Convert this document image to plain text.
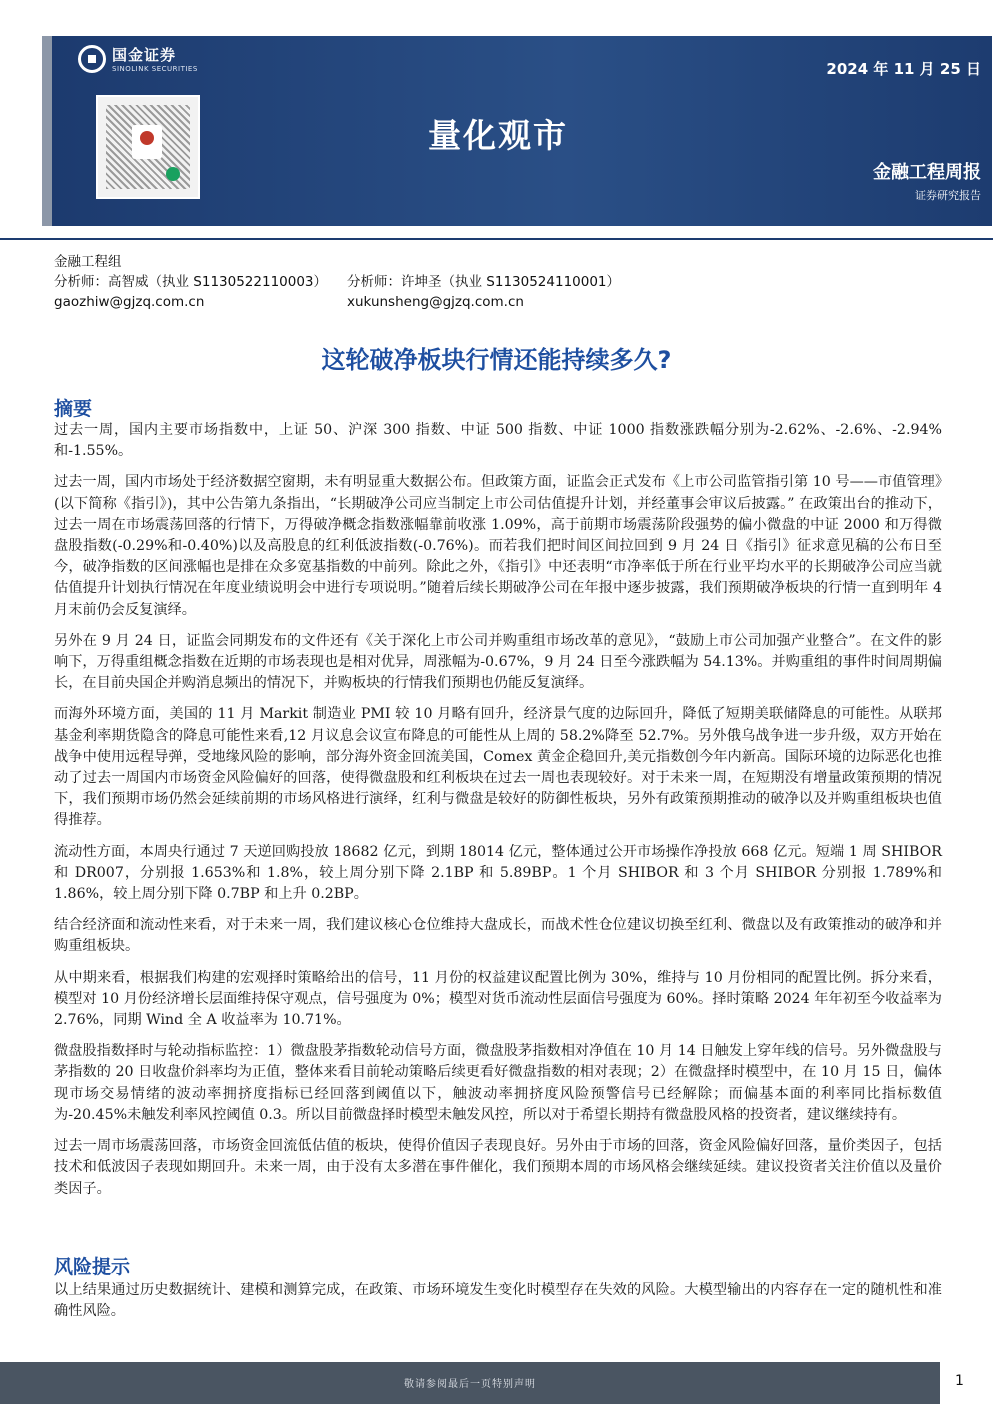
国金证券
SINOLINK SECURITIES	2024 年 11 月 25 日
量化观市
金融工程周报
证券研究报告
金融工程组
分析师：高智威（执业 S1130522110003）	分析师：许坤圣（执业 S1130524110001）
gaozhiw@gjzq.com.cn	xukunsheng@gjzq.com.cn
这轮破净板块行情还能持续多久?
摘要

过去一周，国内主要市场指数中，上证 50、沪深 300 指数、中证 500 指数、中证 1000 指数涨跌幅分别为-2.62%、-2.6%、-2.94%和-1.55%。

过去一周，国内市场处于经济数据空窗期，未有明显重大数据公布。但政策方面，证监会正式发布《上市公司监管指引第 10 号——市值管理》(以下简称《指引》)，其中公告第九条指出，“长期破净公司应当制定上市公司估值提升计划，并经董事会审议后披露。” 在政策出台的推动下，过去一周在市场震荡回落的行情下，万得破净概念指数涨幅靠前收涨 1.09%，高于前期市场震荡阶段强势的偏小微盘的中证 2000 和万得微盘股指数(-0.29%和-0.40%)以及高股息的红利低波指数(-0.76%)。而若我们把时间区间拉回到 9 月 24 日《指引》征求意见稿的公布日至今，破净指数的区间涨幅也是排在众多宽基指数的中前列。除此之外，《指引》中还表明“市净率低于所在行业平均水平的长期破净公司应当就估值提升计划执行情况在年度业绩说明会中进行专项说明。”随着后续长期破净公司在年报中逐步披露，我们预期破净板块的行情一直到明年 4 月末前仍会反复演绎。

另外在 9 月 24 日，证监会同期发布的文件还有《关于深化上市公司并购重组市场改革的意见》，“鼓励上市公司加强产业整合”。在文件的影响下，万得重组概念指数在近期的市场表现也是相对优异，周涨幅为-0.67%，9 月 24 日至今涨跌幅为 54.13%。并购重组的事件时间周期偏长，在目前央国企并购消息频出的情况下，并购板块的行情我们预期也仍能反复演绎。

而海外环境方面，美国的 11 月 Markit 制造业 PMI 较 10 月略有回升，经济景气度的边际回升，降低了短期美联储降息的可能性。从联邦基金利率期货隐含的降息可能性来看,12 月议息会议宣布降息的可能性从上周的 58.2%降至 52.7%。另外俄乌战争进一步升级，双方开始在战争中使用远程导弹，受地缘风险的影响，部分海外资金回流美国，Comex 黄金企稳回升,美元指数创今年内新高。国际环境的边际恶化也推动了过去一周国内市场资金风险偏好的回落，使得微盘股和红利板块在过去一周也表现较好。对于未来一周，在短期没有增量政策预期的情况下，我们预期市场仍然会延续前期的市场风格进行演绎，红利与微盘是较好的防御性板块，另外有政策预期推动的破净以及并购重组板块也值得推荐。

流动性方面，本周央行通过 7 天逆回购投放 18682 亿元，到期 18014 亿元，整体通过公开市场操作净投放 668 亿元。短端 1 周 SHIBOR 和 DR007，分别报 1.653%和 1.8%，较上周分别下降 2.1BP 和 5.89BP。1 个月 SHIBOR 和 3 个月 SHIBOR 分别报 1.789%和 1.86%，较上周分别下降 0.7BP 和上升 0.2BP。

结合经济面和流动性来看，对于未来一周，我们建议核心仓位维持大盘成长，而战术性仓位建议切换至红利、微盘以及有政策推动的破净和并购重组板块。

从中期来看，根据我们构建的宏观择时策略给出的信号，11 月份的权益建议配置比例为 30%，维持与 10 月份相同的配置比例。拆分来看，模型对 10 月份经济增长层面维持保守观点，信号强度为 0%；模型对货币流动性层面信号强度为 60%。择时策略 2024 年年初至今收益率为 2.76%，同期 Wind 全 A 收益率为 10.71%。

微盘股指数择时与轮动指标监控：1）微盘股茅指数轮动信号方面，微盘股茅指数相对净值在 10 月 14 日触发上穿年线的信号。另外微盘股与茅指数的 20 日收盘价斜率均为正值，整体来看目前轮动策略后续更看好微盘指数的相对表现；2）在微盘择时模型中，在 10 月 15 日，偏体现市场交易情绪的波动率拥挤度指标已经回落到阈值以下，触波动率拥挤度风险预警信号已经解除；而偏基本面的利率同比指标数值为-20.45%未触发利率风控阈值 0.3。所以目前微盘择时模型未触发风控，所以对于希望长期持有微盘股风格的投资者，建议继续持有。

过去一周市场震荡回落，市场资金回流低估值的板块，使得价值因子表现良好。另外由于市场的回落，资金风险偏好回落，量价类因子，包括技术和低波因子表现如期回升。未来一周，由于没有太多潜在事件催化，我们预期本周的市场风格会继续延续。建议投资者关注价值以及量价类因子。

风险提示

以上结果通过历史数据统计、建模和测算完成，在政策、市场环境发生变化时模型存在失效的风险。大模型输出的内容存在一定的随机性和准确性风险。

敬请参阅最后一页特别声明	1
